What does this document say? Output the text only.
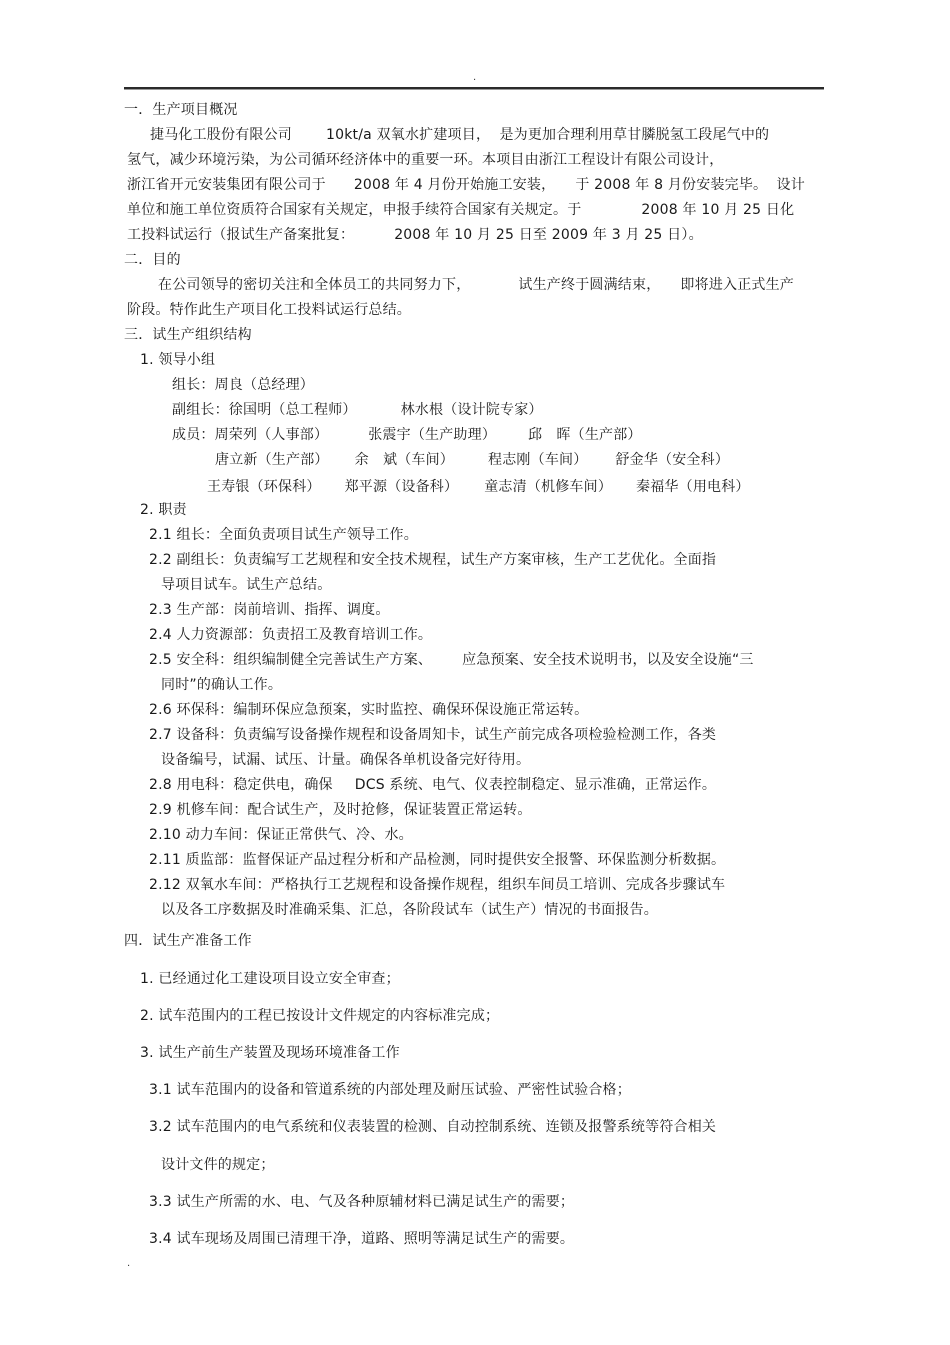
.
一．生产项目概况
捷马化工股份有限公司 10kt/a 双氧水扩建项目，  是为更加合理利用草甘膦脱氢工段尾气中的
氢气，减少环境污染，为公司循环经济体中的重要一环。本项目由浙江工程设计有限公司设计，
浙江省开元安装集团有限公司于 2008 年 4 月份开始施工安装， 于 2008 年 8 月份安装完毕。  设计
单位和施工单位资质符合国家有关规定，申报手续符合国家有关规定。于	2008 年 10 月 25 日化
工投料试运行（报试生产备案批复：	2008 年 10 月 25 日至 2009 年 3 月 25 日）。
二．目的
在公司领导的密切关注和全体员工的共同努力下，	试生产终于圆满结束， 即将进入正式生产
阶段。特作此生产项目化工投料试运行总结。
三．试生产组织结构
1. 领导小组
组长：周良（总经理）
副组长：徐国明（总工程师）	林水根（设计院专家）
成员：周荣列（人事部）	张震宇（生产助理） 邱　晖（生产部）
唐立新（生产部） 余　斌（车间） 程志刚（车间） 舒金华（安全科）
王寿银（环保科） 郑平源（设备科） 童志清（机修车间） 秦福华（用电科）
2. 职责
2.1 组长：全面负责项目试生产领导工作。
2.2 副组长：负责编写工艺规程和安全技术规程，试生产方案审核，生产工艺优化。全面指
导项目试车。试生产总结。
2.3 生产部：岗前培训、指挥、调度。
2.4 人力资源部：负责招工及教育培训工作。
2.5 安全科：组织编制健全完善试生产方案、 应急预案、安全技术说明书，以及安全设施“三
同时”的确认工作。
2.6 环保科：编制环保应急预案，实时监控、确保环保设施正常运转。
2.7 设备科：负责编写设备操作规程和设备周知卡，试生产前完成各项检验检测工作，各类
设备编号，试漏、试压、计量。确保各单机设备完好待用。
2.8 用电科：稳定供电，确保 DCS 系统、电气、仪表控制稳定、显示准确，正常运作。
2.9 机修车间：配合试生产，及时抢修，保证装置正常运转。
2.10 动力车间：保证正常供气、冷、水。
2.11 质监部：监督保证产品过程分析和产品检测，同时提供安全报警、环保监测分析数据。
2.12 双氧水车间：严格执行工艺规程和设备操作规程，组织车间员工培训、完成各步骤试车
以及各工序数据及时准确采集、汇总，各阶段试车（试生产）情况的书面报告。
四．试生产准备工作
1. 已经通过化工建设项目设立安全审查；
2. 试车范围内的工程已按设计文件规定的内容标准完成；
3. 试生产前生产装置及现场环境准备工作
3.1 试车范围内的设备和管道系统的内部处理及耐压试验、严密性试验合格；
3.2 试车范围内的电气系统和仪表装置的检测、自动控制系统、连锁及报警系统等符合相关
设计文件的规定；
3.3 试生产所需的水、电、气及各种原辅材料已满足试生产的需要；
3.4 试车现场及周围已清理干净，道路、照明等满足试生产的需要。
.
